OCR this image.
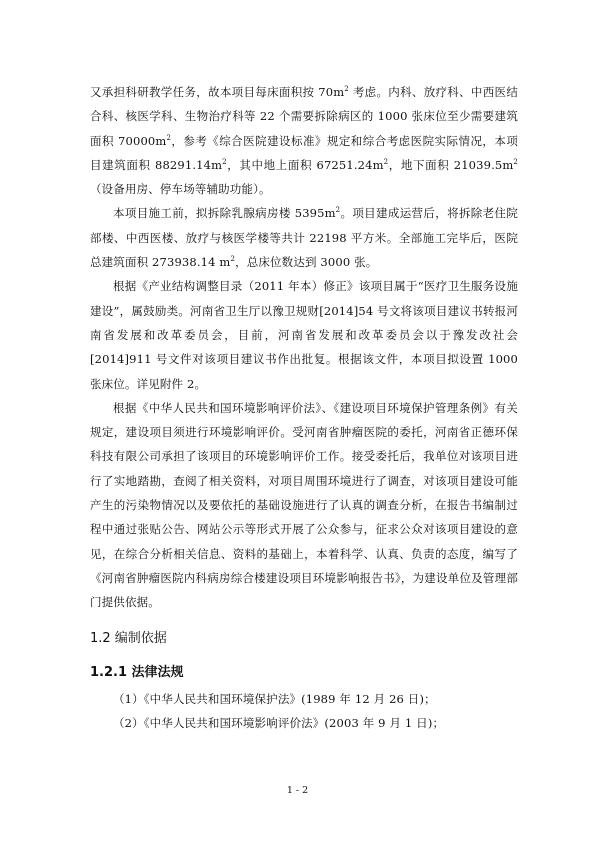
又承担科研教学任务，故本项目每床面积按 $70m^2$ 考虑。内科、放疗科、中西医结合科、核医学科、生物治疗科等 22 个需要拆除病区的 1000 张床位至少需要建筑面积 $70000m^2$，参考《综合医院建设标准》规定和综合考虑医院实际情况，本项目建筑面积 $88291.14m^2$，其中地上面积 $67251.24m^2$，地下面积 $21039.5m^2$（设备用房、停车场等辅助功能）。

本项目施工前，拟拆除乳腺病房楼 $5395m^2$。项目建成运营后，将拆除老住院部楼、中西医楼、放疗与核医学楼等共计 22198 平方米。全部施工完毕后，医院总建筑面积 273938.14 $m^2$，总床位数达到 3000 张。

根据《产业结构调整目录（2011 年本）修正》该项目属于“医疗卫生服务设施建设”，属鼓励类。河南省卫生厅以豫卫规财[2014]54 号文将该项目建议书转报河南省发展和改革委员会，目前，河南省发展和改革委员会以于豫发改社会[2014]911 号文件对该项目建议书作出批复。根据该文件，本项目拟设置 1000 张床位。详见附件 2。

根据《中华人民共和国环境影响评价法》、《建设项目环境保护管理条例》有关规定，建设项目须进行环境影响评价。受河南省肿瘤医院的委托，河南省正德环保科技有限公司承担了该项目的环境影响评价工作。接受委托后，我单位对该项目进行了实地踏勘，查阅了相关资料，对项目周围环境进行了调查，对该项目建设可能产生的污染物情况以及要依托的基础设施进行了认真的调查分析，在报告书编制过程中通过张贴公告、网站公示等形式开展了公众参与，征求公众对该项目建设的意见，在综合分析相关信息、资料的基础上，本着科学、认真、负责的态度，编写了《河南省肿瘤医院内科病房综合楼建设项目环境影响报告书》，为建设单位及管理部门提供依据。

1.2 编制依据
1.2.1 法律法规

（1）《中华人民共和国环境保护法》(1989 年 12 月 26 日)；

（2）《中华人民共和国环境影响评价法》(2003 年 9 月 1 日)；

1 - 2
